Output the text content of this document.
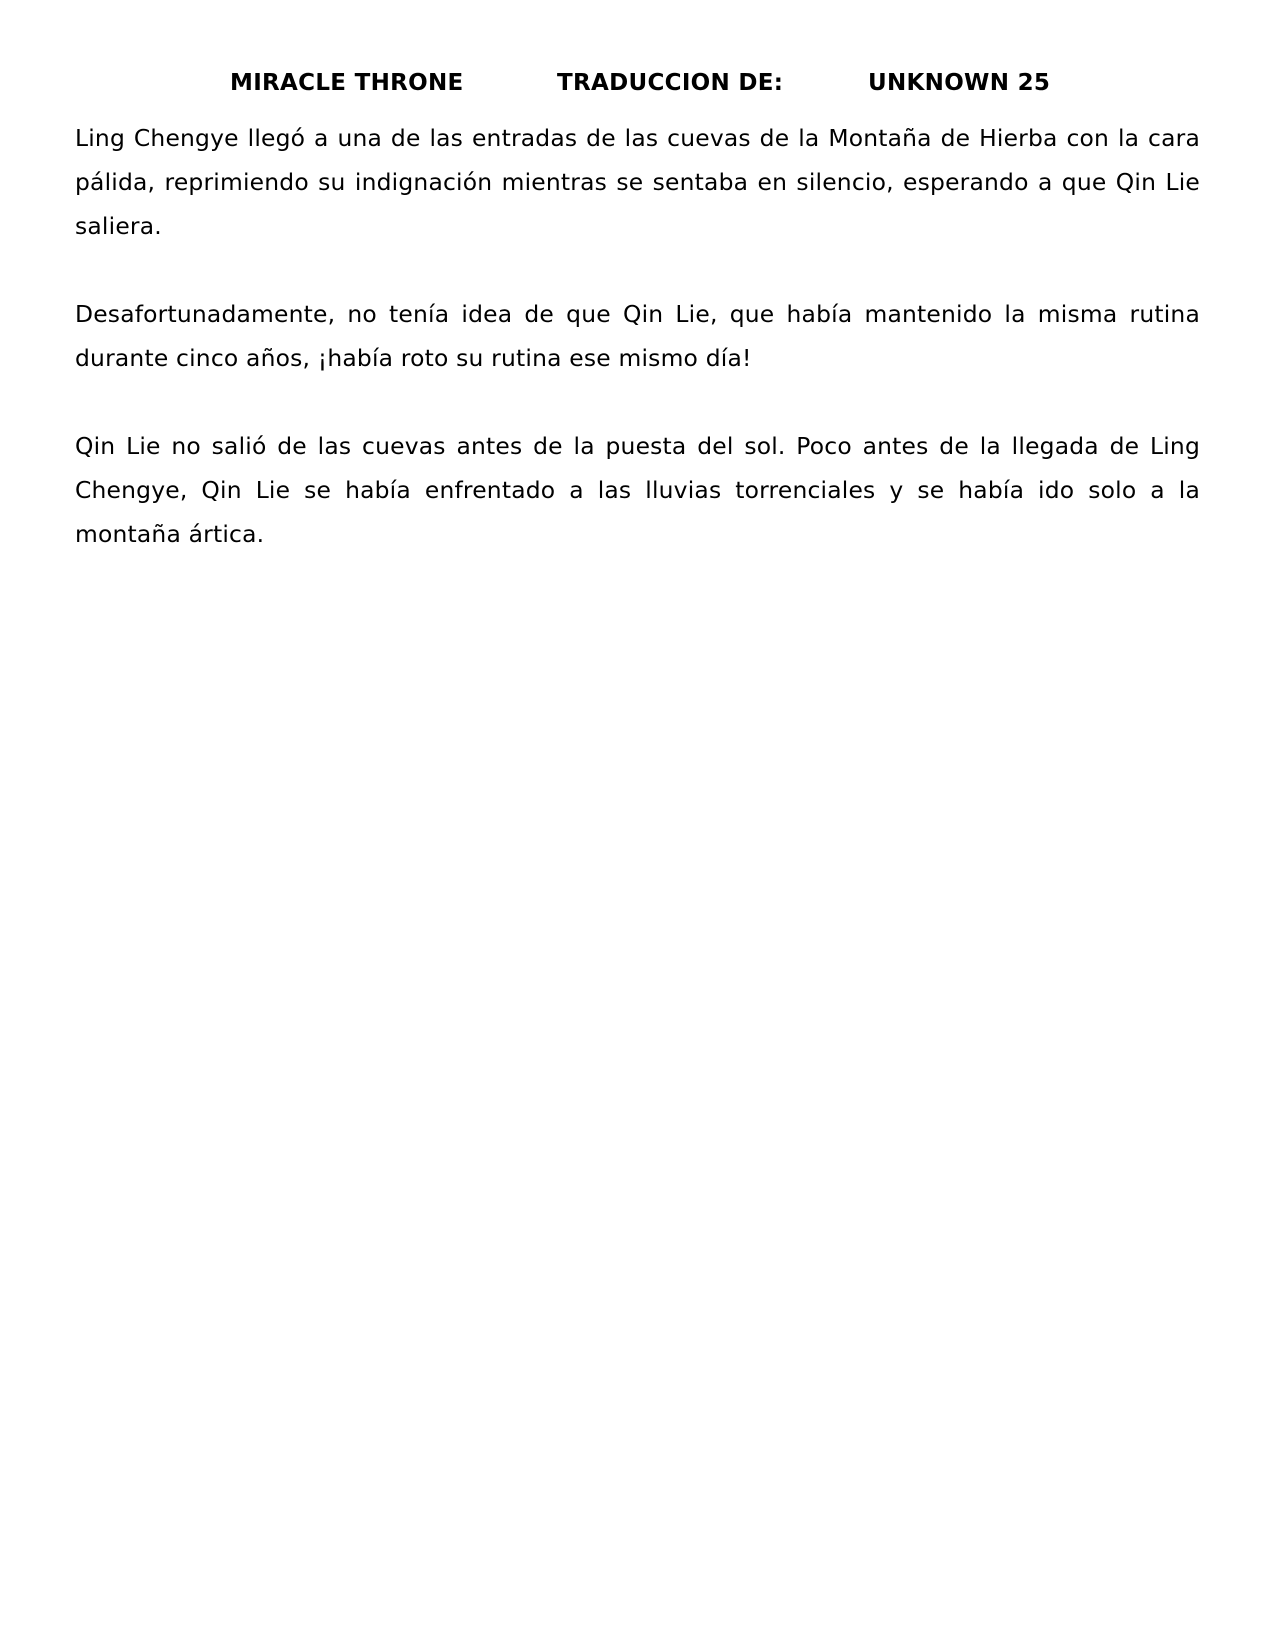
MIRACLE THRONE	TRADUCCION DE:	UNKNOWN 25

Ling Chengye llegó a una de las entradas de las cuevas de la Montaña de Hierba con la cara pálida, reprimiendo su indignación mientras se sentaba en silencio, esperando a que Qin Lie saliera.

Desafortunadamente, no tenía idea de que Qin Lie, que había mantenido la misma rutina durante cinco años, ¡había roto su rutina ese mismo día!

Qin Lie no salió de las cuevas antes de la puesta del sol. Poco antes de la llegada de Ling Chengye, Qin Lie se había enfrentado a las lluvias torrenciales y se había ido solo a la montaña ártica.
